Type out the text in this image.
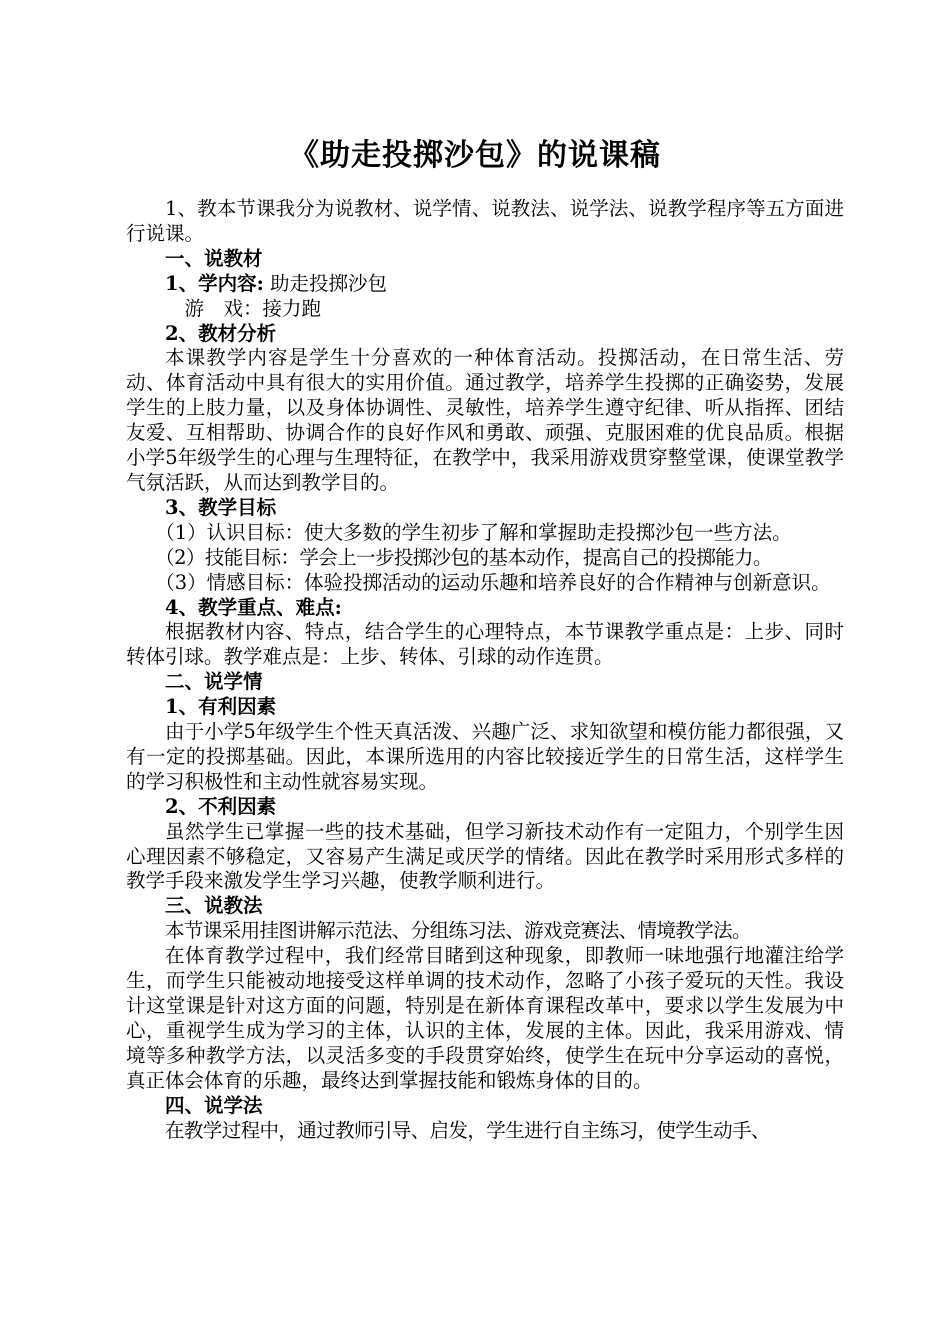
《助走投掷沙包》的说课稿

1、教本节课我分为说教材、说学情、说教法、说学法、说教学程序等五方面进行说课。

一、说教材

1、学内容: 助走投掷沙包

游　戏：接力跑

2、教材分析

本课教学内容是学生十分喜欢的一种体育活动。投掷活动，在日常生活、劳动、体育活动中具有很大的实用价值。通过教学，培养学生投掷的正确姿势，发展学生的上肢力量，以及身体协调性、灵敏性，培养学生遵守纪律、听从指挥、团结友爱、互相帮助、协调合作的良好作风和勇敢、顽强、克服困难的优良品质。根据小学5年级学生的心理与生理特征，在教学中，我采用游戏贯穿整堂课，使课堂教学气氛活跃，从而达到教学目的。

3、教学目标

（1）认识目标：使大多数的学生初步了解和掌握助走投掷沙包一些方法。

（2）技能目标：学会上一步投掷沙包的基本动作，提高自己的投掷能力。

（3）情感目标：体验投掷活动的运动乐趣和培养良好的合作精神与创新意识。

4、教学重点、难点:

根据教材内容、特点，结合学生的心理特点，本节课教学重点是：上步、同时转体引球。教学难点是：上步、转体、引球的动作连贯。

二、说学情

1、有利因素

由于小学5年级学生个性天真活泼、兴趣广泛、求知欲望和模仿能力都很强，又有一定的投掷基础。因此，本课所选用的内容比较接近学生的日常生活，这样学生的学习积极性和主动性就容易实现。

2、不利因素

虽然学生已掌握一些的技术基础，但学习新技术动作有一定阻力，个别学生因心理因素不够稳定，又容易产生满足或厌学的情绪。因此在教学时采用形式多样的教学手段来激发学生学习兴趣，使教学顺利进行。

三、说教法

本节课采用挂图讲解示范法、分组练习法、游戏竞赛法、情境教学法。

在体育教学过程中，我们经常目睹到这种现象，即教师一味地强行地灌注给学生，而学生只能被动地接受这样单调的技术动作，忽略了小孩子爱玩的天性。我设计这堂课是针对这方面的问题，特别是在新体育课程改革中，要求以学生发展为中心，重视学生成为学习的主体，认识的主体，发展的主体。因此，我采用游戏、情境等多种教学方法，以灵活多变的手段贯穿始终，使学生在玩中分享运动的喜悦，真正体会体育的乐趣，最终达到掌握技能和锻炼身体的目的。

四、说学法

在教学过程中，通过教师引导、启发，学生进行自主练习，使学生动手、
